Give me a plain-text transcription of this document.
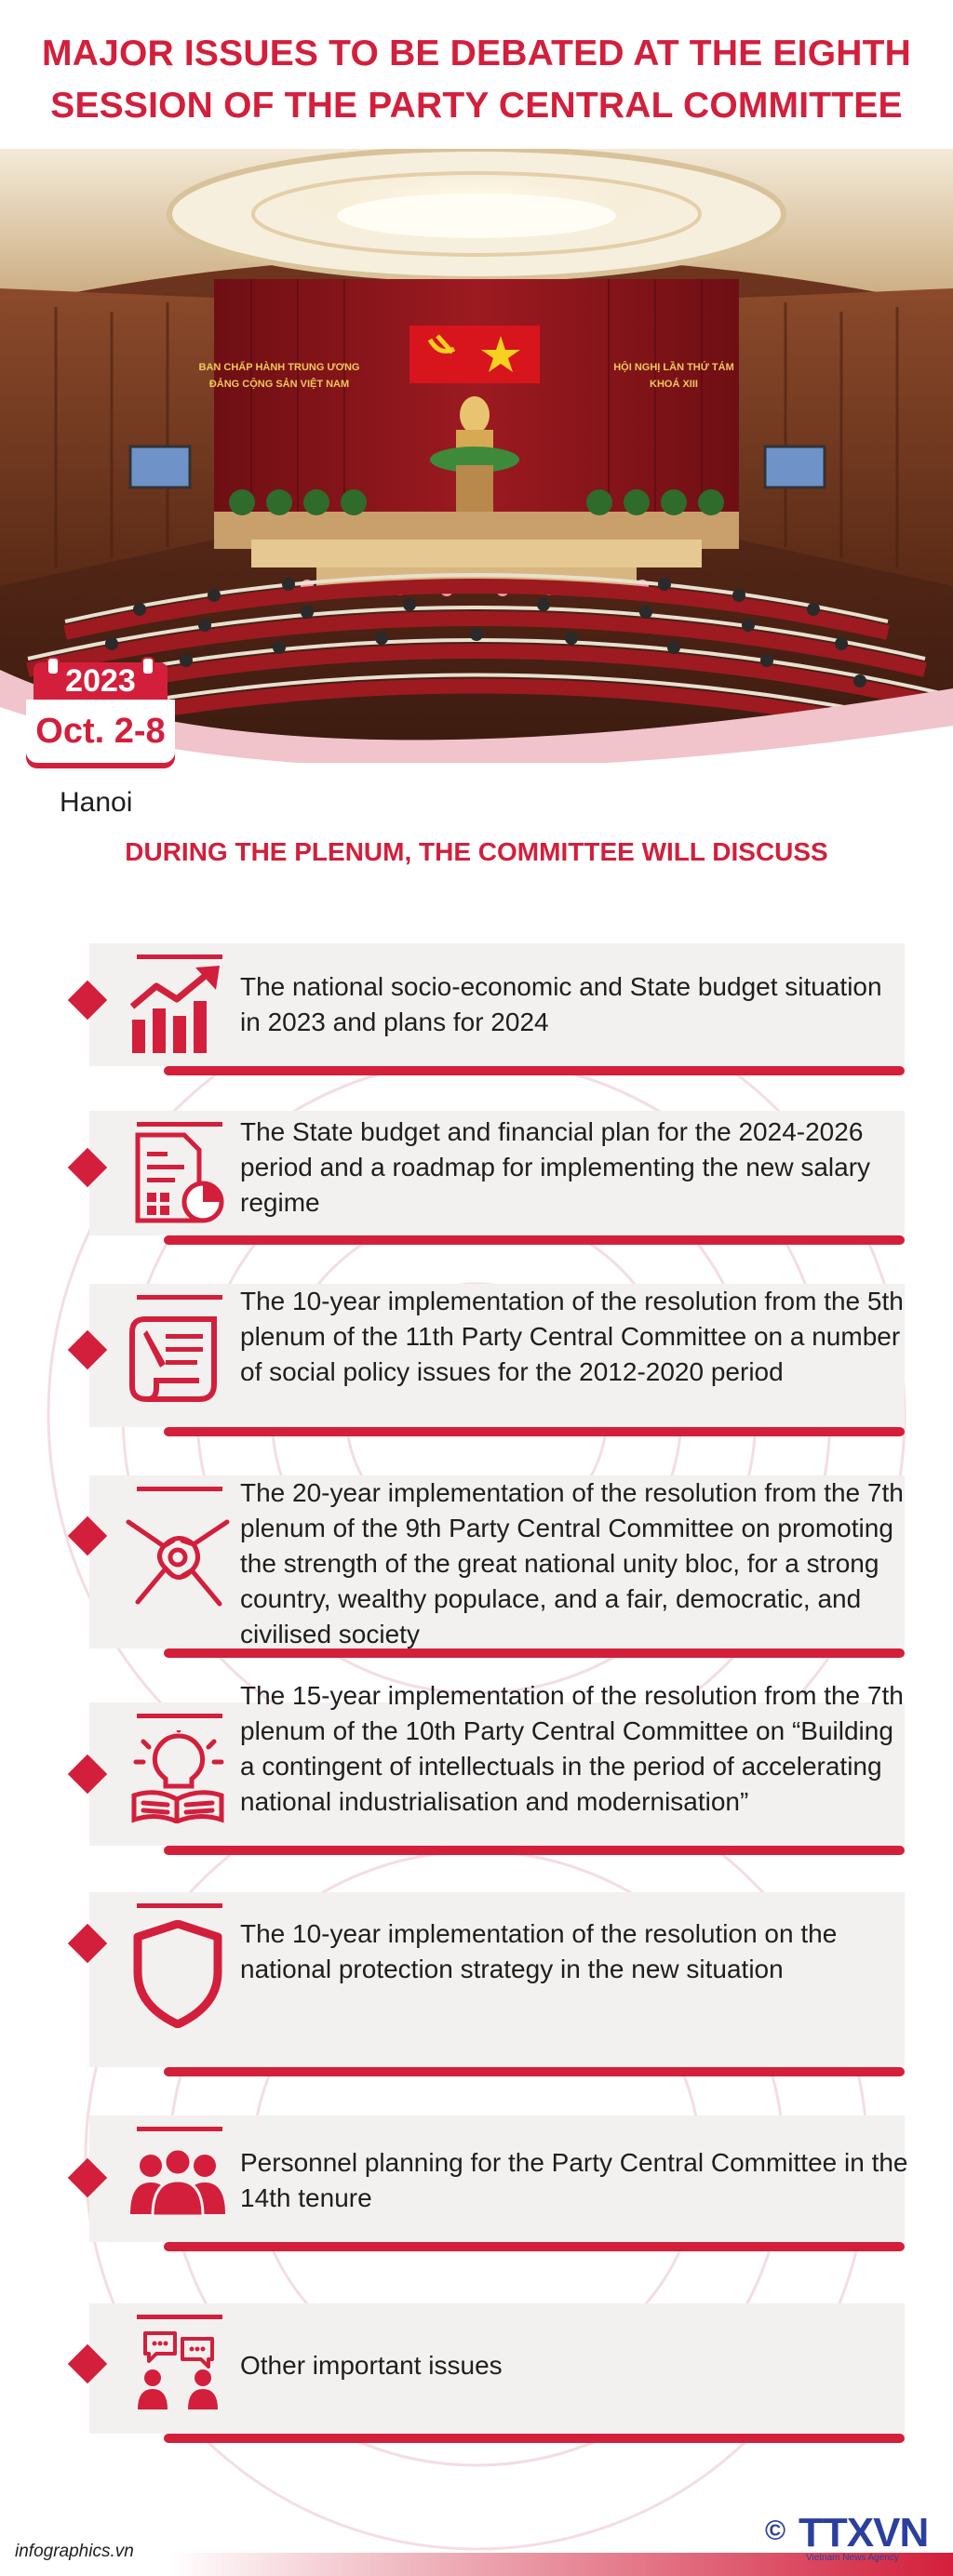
MAJOR ISSUES TO BE DEBATED AT THE EIGHTH
SESSION OF THE PARTY CENTRAL COMMITTEE
BAN CHẤP HÀNH TRUNG ƯƠNG
ĐẢNG CỘNG SẢN VIỆT NAM
HỘI NGHỊ LẦN THỨ TÁM
KHOÁ XIII
2023
Oct. 2-8
Hanoi
DURING THE PLENUM, THE COMMITTEE WILL DISCUSS
The national socio-economic and State budget situation in 2023 and plans for 2024
The State budget and financial plan for the 2024-2026 period and a roadmap for implementing the new salary regime
The 10-year implementation of the resolution from the 5th plenum of the 11th Party Central Committee on a number of social policy issues for the 2012-2020 period
The 20-year implementation of the resolution from the 7th plenum of the 9th Party Central Committee on promoting the strength of the great national unity bloc, for a strong country, wealthy populace, and a fair, democratic, and civilised society
The 15-year implementation of the resolution from the 7th plenum of the 10th Party Central Committee on “Building a contingent of intellectuals in the period of accelerating national industrialisation and modernisation”
The 10-year implementation of the resolution on the national protection strategy in the new situation
Personnel planning for the Party Central Committee in the 14th tenure
Other important issues
infographics.vn
© TTXVN
Vietnam News Agency
